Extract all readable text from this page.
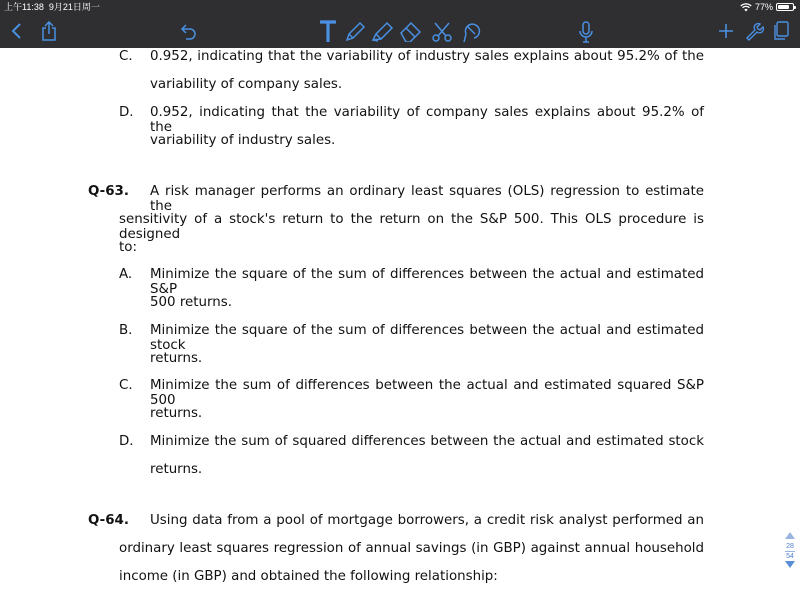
上午11:38 9月21日周一	77%
C. 0.952, indicating that the variability of industry sales explains about 95.2% of the
variability of company sales.
D. 0.952, indicating that the variability of company sales explains about 95.2% of the
variability of industry sales.
Q-63. A risk manager performs an ordinary least squares (OLS) regression to estimate the
sensitivity of a stock's return to the return on the S&P 500. This OLS procedure is designed
to:
A. Minimize the square of the sum of differences between the actual and estimated S&P
500 returns.
B. Minimize the square of the sum of differences between the actual and estimated stock
returns.
C. Minimize the sum of differences between the actual and estimated squared S&P 500
returns.
D. Minimize the sum of squared differences between the actual and estimated stock
returns.
Q-64. Using data from a pool of mortgage borrowers, a credit risk analyst performed an
ordinary least squares regression of annual savings (in GBP) against annual household
income (in GBP) and obtained the following relationship:
28
54
